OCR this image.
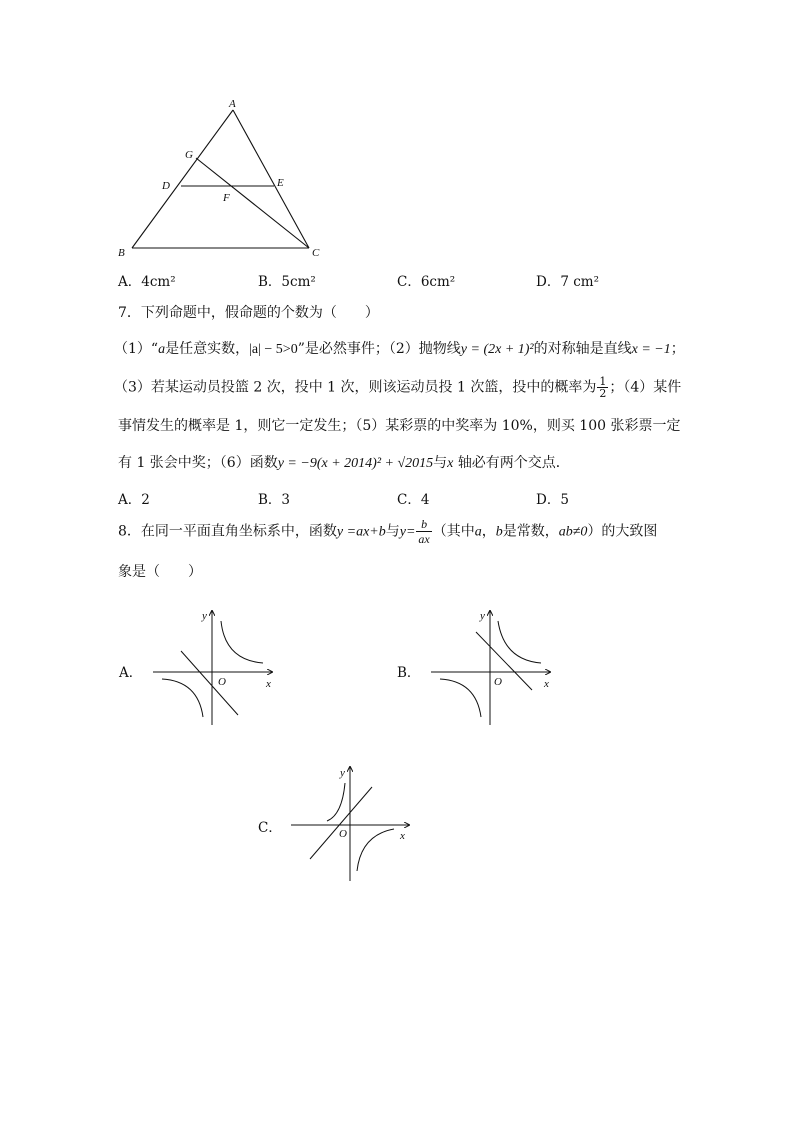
A
G
D	E
F
B	C
A．4cm²	B．5cm²	C．6cm²	D．7 cm²
7．下列命题中，假命题的个数为（　　）
（1）“a是任意实数，|a| − 5>0”是必然事件；（2）抛物线y = (2x + 1)²的对称轴是直线x = −1；
（3）若某运动员投篮 2 次，投中 1 次，则该运动员投 1 次篮，投中的概率为 $\frac{1}{2}$ ；（4）某件
事情发生的概率是 1，则它一定发生；（5）某彩票的中奖率为 10%，则买 100 张彩票一定
有 1 张会中奖；（6）函数y = −9(x + 2014)² + √2015与x 轴必有两个交点．
A．2	B．3	C．4	D．5
8．在同一平面直角坐标系中，函数y =ax+b与$y= \frac{b}{ax}$ （其中a，b是常数，ab≠0）的大致图
象是（　　）
A．
y
x
O
B．
y
x
O
C．
y
x
O
